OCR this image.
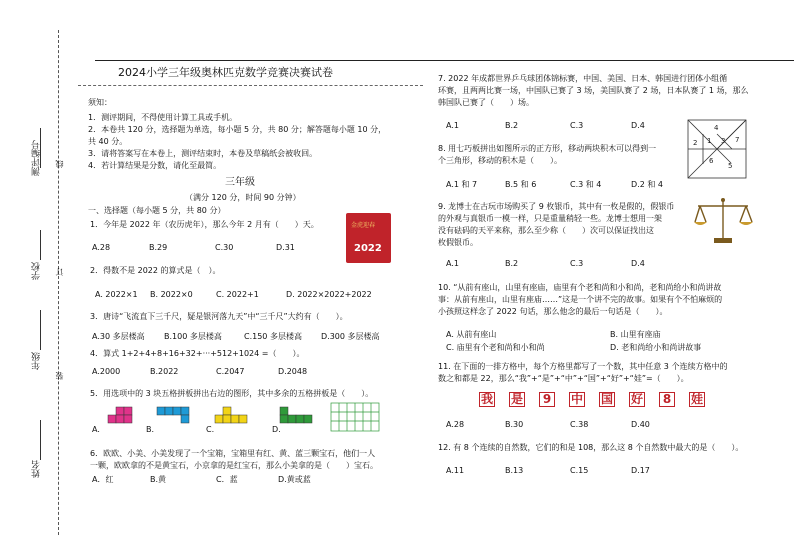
测评编号 线
学校 订
年级
装
姓名
2024小学三年级奥林匹克数学竞赛决赛试卷
须知：
1．测评期间，不得使用计算工具或手机。
2．本卷共 120 分，选择题为单选，每小题 5 分，共 80 分；解答题每小题 10 分，
共 40 分。
3．请将答案写在本卷上，测评结束时，本卷及草稿纸会被收回。
4．若计算结果是分数，请化至最简。
三年级
（满分 120 分，时间 90 分钟）
一、选择题（每小题 5 分，共 80 分）
1．今年是 2022 年（农历虎年），那么今年 2 月有（　　）天。
A.28	B.29	C.30	D.31
金虎迎春
2022
2．得数不是 2022 的算式是（　）。
A. 2022×1 B. 2022×0	C. 2022+1	D. 2022×2022+2022
3．唐诗“飞流直下三千尺，疑是银河落九天”中“三千尺”大约有（　　）。
A.30 多层楼高 B.100 多层楼高	C.150 多层楼高 D.300 多层楼高
4．算式 1+2+4+8+16+32+···+512+1024 =（　　）。
A.2000	B.2022	C.2047	D.2048
5．用选项中的 3 块五格拼板拼出右边的图形，其中多余的五格拼板是（　　）。
A.	B.	C.	D.
6．欧欧、小美、小美发现了一个宝箱，宝箱里有红、黄、蓝三颗宝石，他们一人
一颗，欧欧拿的不是黄宝石，小京拿的是红宝石，那么小美拿的是（　　）宝石。
A．红	B.黄	C．蓝	D.黄或蓝
7. 2022 年成都世界乒乓球团体锦标赛，中国、美国、日本、韩国进行团体小组循
环赛，且两两比赛一场，中国队已赛了 3 场，美国队赛了 2 场，日本队赛了 1 场，那么
韩国队已赛了（　　）场。
A.1	B.2	C.3	D.4
8. 用七巧板拼出如图所示的正方形，移动两块积木可以得到一
个三角形，移动的积木是（　　）。
A.1 和 7	B.5 和 6	C.3 和 4	D.2 和 4
4
1 3 7
2
6
5
9. 龙博士在古玩市场购买了 9 枚银币，其中有一枚是假的，假银币
的外观与真银币一模一样，只是重量稍轻一些。龙博士想用一架
没有砝码的天平来称，那么至少称（　　）次可以保证找出这
枚假银币。
A.1	B.2	C.3	D.4
10. “从前有座山，山里有座庙，庙里有个老和尚和小和尚，老和尚给小和尚讲故
事：从前有座山，山里有座庙……”这是一个讲不完的故事。如果有个不怕麻烦的
小孩照这样念了 2022 句话，那么他念的最后一句话是（　　）。
A. 从前有座山	B. 山里有座庙
C. 庙里有个老和尚和小和尚	D. 老和尚给小和尚讲故事
11. 在下面的一排方格中，每个方格里都写了一个数，其中任意 3 个连续方格中的
数之和都是 22，那么“我”+“是”+“中”+“国”+“好”+“娃”=（　　）。
我 是	9	中 国 好	8	娃
A.28	B.30	C.38	D.40
12. 有 8 个连续的自然数，它们的和是 108，那么这 8 个自然数中最大的是（　　）。
A.11	B.13	C.15	D.17
